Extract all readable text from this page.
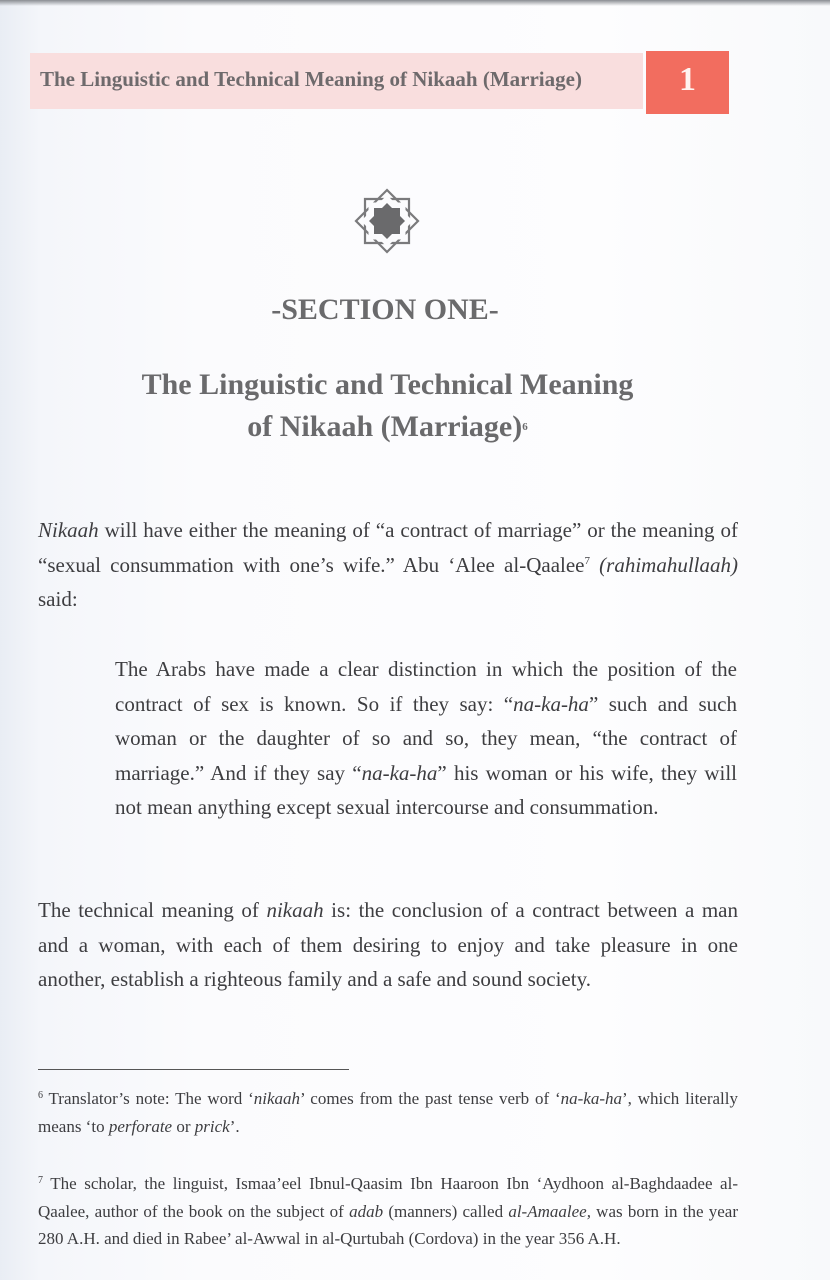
The Linguistic and Technical Meaning of Nikaah (Marriage)	1
-SECTION ONE-
The Linguistic and Technical Meaning
of Nikaah (Marriage)$^6$
Nikaah will have either the meaning of “a contract of marriage” or the meaning of “sexual consummation with one’s wife.” Abu ‘Alee al-Qaalee$^7$ (rahimahullaah) said:
The Arabs have made a clear distinction in which the position of the contract of sex is known. So if they say: “na-ka-ha” such and such woman or the daughter of so and so, they mean, “the contract of marriage.” And if they say “na-ka-ha” his woman or his wife, they will not mean anything except sexual intercourse and consummation.
The technical meaning of nikaah is: the conclusion of a contract between a man and a woman, with each of them desiring to enjoy and take pleasure in one another, establish a righteous family and a safe and sound society.
$^6$ Translator’s note: The word ‘nikaah’ comes from the past tense verb of ‘na-ka-ha’, which literally means ‘to perforate or prick’.
$^7$ The scholar, the linguist, Ismaa’eel Ibnul-Qaasim Ibn Haaroon Ibn ‘Aydhoon al-Baghdaadee al-Qaalee, author of the book on the subject of adab (manners) called al-Amaalee, was born in the year 280 A.H. and died in Rabee’ al-Awwal in al-Qurtubah (Cordova) in the year 356 A.H.
